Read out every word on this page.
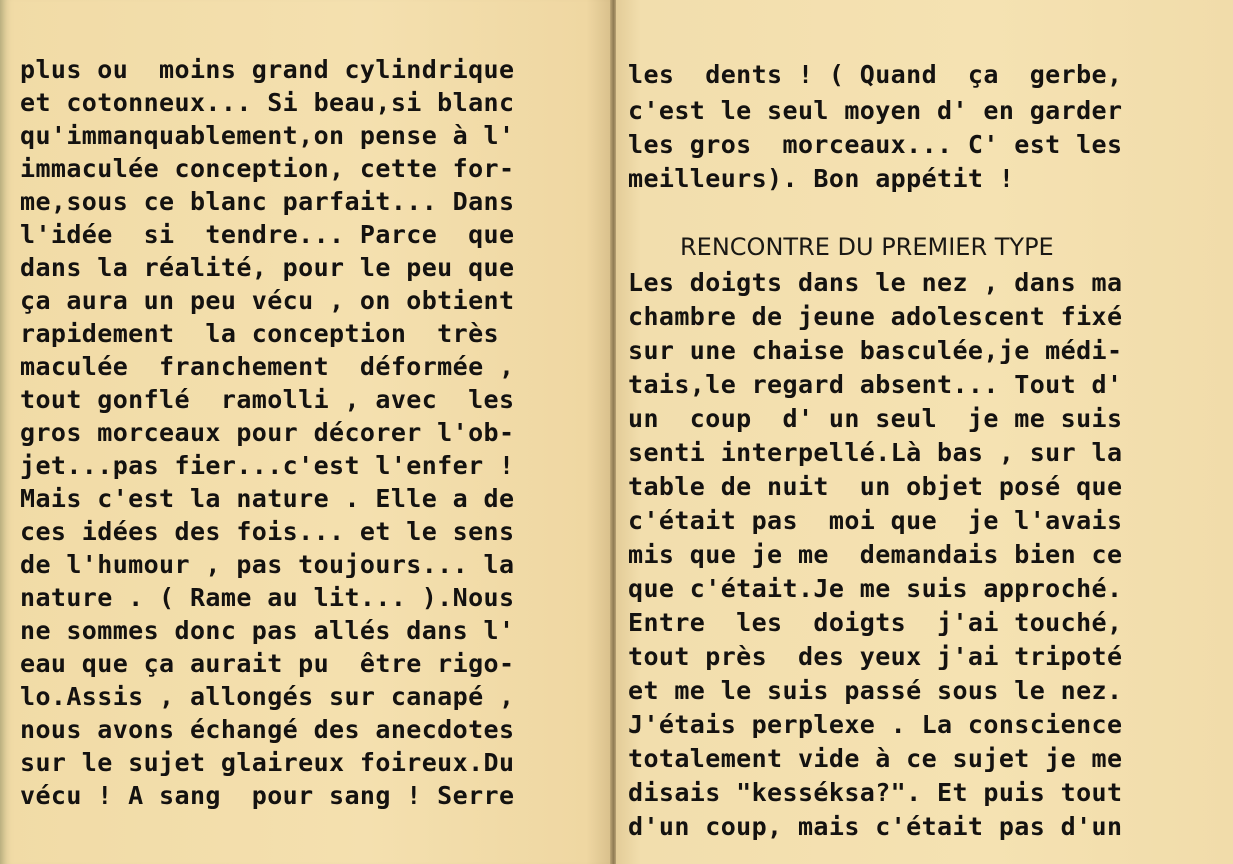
plus ou  moins grand cylindrique

et cotonneux... Si beau,si blanc

qu'immanquablement,on pense à l'

immaculée conception, cette for-

me,sous ce blanc parfait... Dans

l'idée  si  tendre... Parce  que

dans la réalité, pour le peu que

ça aura un peu vécu , on obtient

rapidement  la conception  très

maculée  franchement  déformée ,

tout gonflé  ramolli , avec  les

gros morceaux pour décorer l'ob-

jet...pas fier...c'est l'enfer !

Mais c'est la nature . Elle a de

ces idées des fois... et le sens

de l'humour , pas toujours... la

nature . ( Rame au lit... ).Nous

ne sommes donc pas allés dans l'

eau que ça aurait pu  être rigo-

lo.Assis , allongés sur canapé ,

nous avons échangé des anecdotes

sur le sujet glaireux foireux.Du

vécu ! A sang  pour sang ! Serre

les  dents ! ( Quand  ça  gerbe,

c'est le seul moyen d' en garder

les gros  morceaux... C' est les

meilleurs). Bon appétit !

RENCONTRE DU PREMIER TYPE

Les doigts dans le nez , dans ma

chambre de jeune adolescent fixé

sur une chaise basculée,je médi-

tais,le regard absent... Tout d'

un  coup  d' un seul  je me suis

senti interpellé.Là bas , sur la

table de nuit  un objet posé que

c'était pas  moi que  je l'avais

mis que je me  demandais bien ce

que c'était.Je me suis approché.

Entre  les  doigts  j'ai touché,

tout près  des yeux j'ai tripoté

et me le suis passé sous le nez.

J'étais perplexe . La conscience

totalement vide à ce sujet je me

disais "kesséksa?". Et puis tout

d'un coup, mais c'était pas d'un
